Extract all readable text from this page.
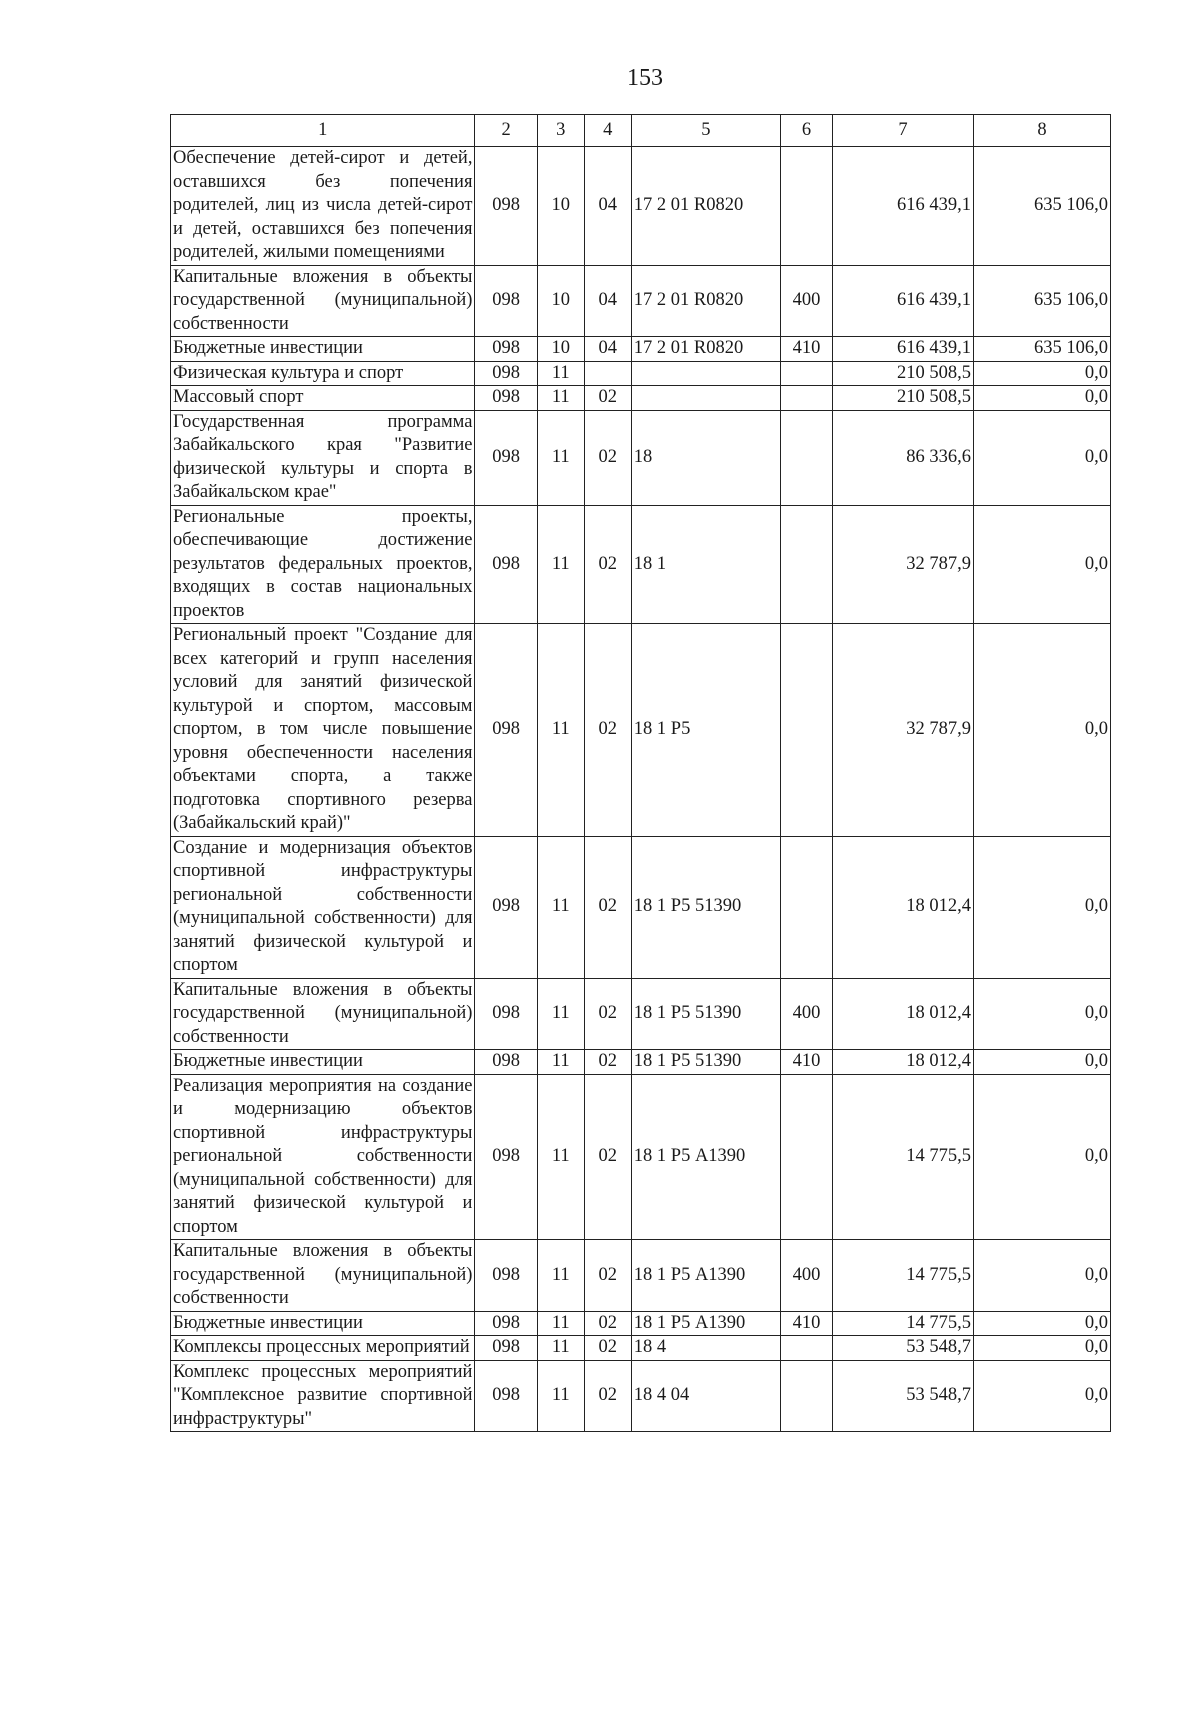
153
1	2	3	4	5	6	7	8
Обеспечение детей-сирот и детей, оставшихся без попечения родителей, лиц из числа детей-сирот и детей, оставшихся без попечения родителей, жилыми помещениями	098	10	04	17 2 01 R0820		616 439,1	635 106,0
Капитальные вложения в объекты государственной (муниципальной) собственности	098	10	04	17 2 01 R0820	400	616 439,1	635 106,0
Бюджетные инвестиции	098	10	04	17 2 01 R0820	410	616 439,1	635 106,0
Физическая культура и спорт	098	11				210 508,5	0,0
Массовый спорт	098	11	02			210 508,5	0,0
Государственная программа Забайкальского края "Развитие физической культуры и спорта в Забайкальском крае"	098	11	02	18		86 336,6	0,0
Региональные проекты, обеспечивающие достижение результатов федеральных проектов, входящих в состав национальных проектов	098	11	02	18 1		32 787,9	0,0
Региональный проект "Создание для всех категорий и групп населения условий для занятий физической культурой и спортом, массовым спортом, в том числе повышение уровня обеспеченности населения объектами спорта, а также подготовка спортивного резерва (Забайкальский край)"	098	11	02	18 1 Р5		32 787,9	0,0
Создание и модернизация объектов спортивной инфраструктуры региональной собственности (муниципальной собственности) для занятий физической культурой и спортом	098	11	02	18 1 Р5 51390		18 012,4	0,0
Капитальные вложения в объекты государственной (муниципальной) собственности	098	11	02	18 1 Р5 51390	400	18 012,4	0,0
Бюджетные инвестиции	098	11	02	18 1 Р5 51390	410	18 012,4	0,0
Реализация мероприятия на создание и модернизацию объектов спортивной инфраструктуры региональной собственности (муниципальной собственности) для занятий физической культурой и спортом	098	11	02	18 1 Р5 А1390		14 775,5	0,0
Капитальные вложения в объекты государственной (муниципальной) собственности	098	11	02	18 1 Р5 А1390	400	14 775,5	0,0
Бюджетные инвестиции	098	11	02	18 1 Р5 А1390	410	14 775,5	0,0
Комплексы процессных мероприятий	098	11	02	18 4		53 548,7	0,0
Комплекс процессных мероприятий "Комплексное развитие спортивной инфраструктуры"	098	11	02	18 4 04		53 548,7	0,0
